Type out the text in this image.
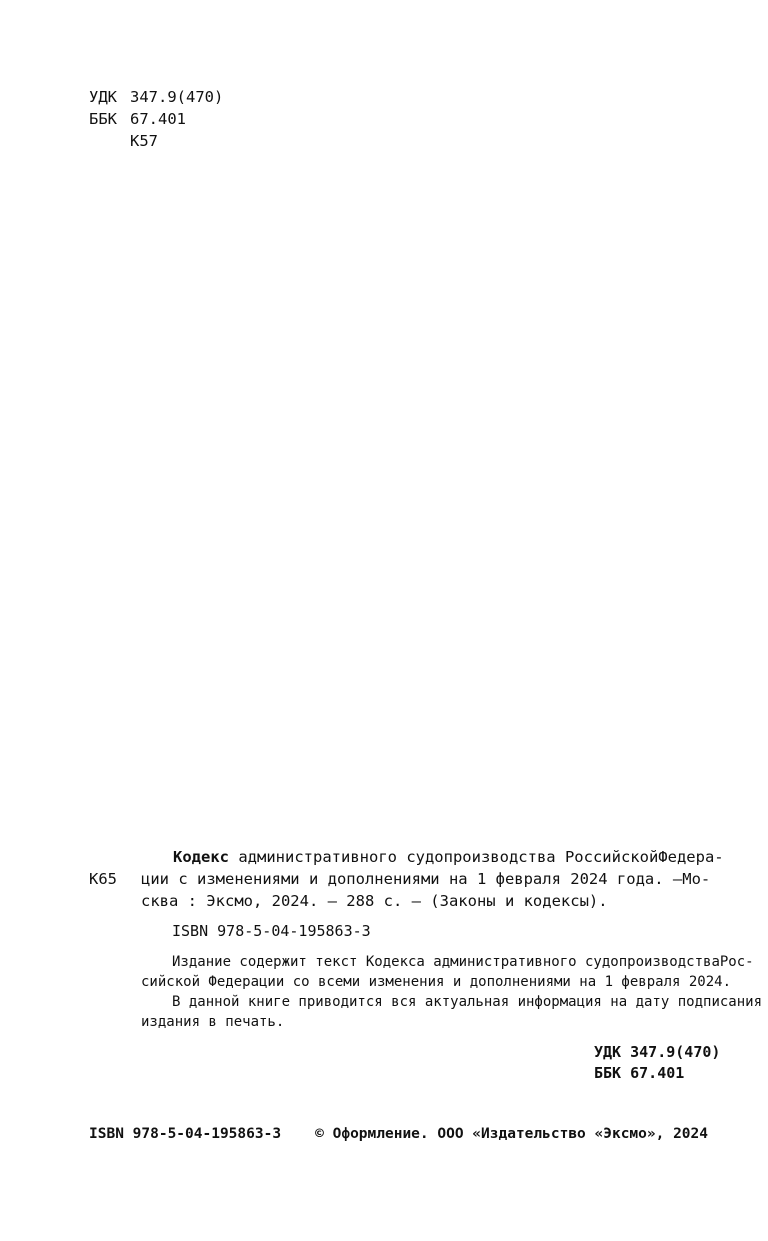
УДК 347.9(470)
ББК 67.401
К57
К65
Кодекс административного судопроизводства Российской Федера-
ции с изменениями и дополнениями на 1 февраля 2024 года. — Мо-
сква : Эксмо, 2024. — 288 с. — (Законы и кодексы).
ISBN 978-5-04-195863-3
Издание содержит текст Кодекса административного судопроизводства Рос-
сийской Федерации со всеми изменения и дополнениями на 1 февраля 2024.
В данной книге приводится вся актуальная информация на дату подписания
издания в печать.
УДК 347.9(470)
ББК 67.401
ISBN 978-5-04-195863-3 © Оформление. ООО «Издательство «Эксмо», 2024
